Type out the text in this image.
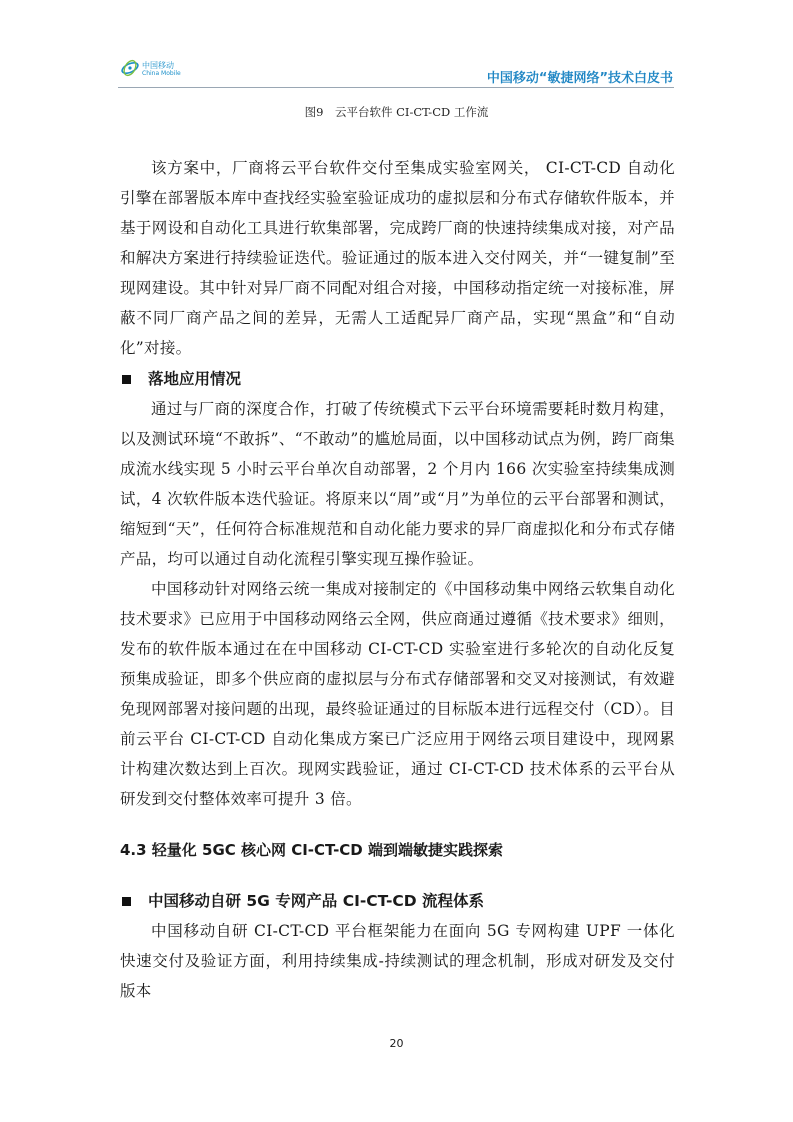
中国移动
China Mobile	中国移动“敏捷网络”技术白皮书
图9　云平台软件 CI-CT-CD 工作流

该方案中，厂商将云平台软件交付至集成实验室网关， CI-CT-CD 自动化引擎在部署版本库中查找经实验室验证成功的虚拟层和分布式存储软件版本，并基于网设和自动化工具进行软集部署，完成跨厂商的快速持续集成对接，对产品和解决方案进行持续验证迭代。验证通过的版本进入交付网关，并“一键复制”至现网建设。其中针对异厂商不同配对组合对接，中国移动指定统一对接标准，屏蔽不同厂商产品之间的差异，无需人工适配异厂商产品，实现“黑盒”和“自动化”对接。

落地应用情况

通过与厂商的深度合作，打破了传统模式下云平台环境需要耗时数月构建，以及测试环境“不敢拆”、“不敢动”的尴尬局面，以中国移动试点为例，跨厂商集成流水线实现 5 小时云平台单次自动部署，2 个月内 166 次实验室持续集成测试，4 次软件版本迭代验证。将原来以“周”或“月”为单位的云平台部署和测试，缩短到“天”，任何符合标准规范和自动化能力要求的异厂商虚拟化和分布式存储产品，均可以通过自动化流程引擎实现互操作验证。

中国移动针对网络云统一集成对接制定的《中国移动集中网络云软集自动化技术要求》已应用于中国移动网络云全网，供应商通过遵循《技术要求》细则，发布的软件版本通过在在中国移动 CI-CT-CD 实验室进行多轮次的自动化反复预集成验证，即多个供应商的虚拟层与分布式存储部署和交叉对接测试，有效避免现网部署对接问题的出现，最终验证通过的目标版本进行远程交付（CD）。目前云平台 CI-CT-CD 自动化集成方案已广泛应用于网络云项目建设中，现网累计构建次数达到上百次。现网实践验证，通过 CI-CT-CD 技术体系的云平台从研发到交付整体效率可提升 3 倍。

4.3 轻量化 5GC 核心网 CI-CT-CD 端到端敏捷实践探索
中国移动自研 5G 专网产品 CI-CT-CD 流程体系

中国移动自研 CI-CT-CD 平台框架能力在面向 5G 专网构建 UPF 一体化快速交付及验证方面，利用持续集成-持续测试的理念机制，形成对研发及交付版本

20
